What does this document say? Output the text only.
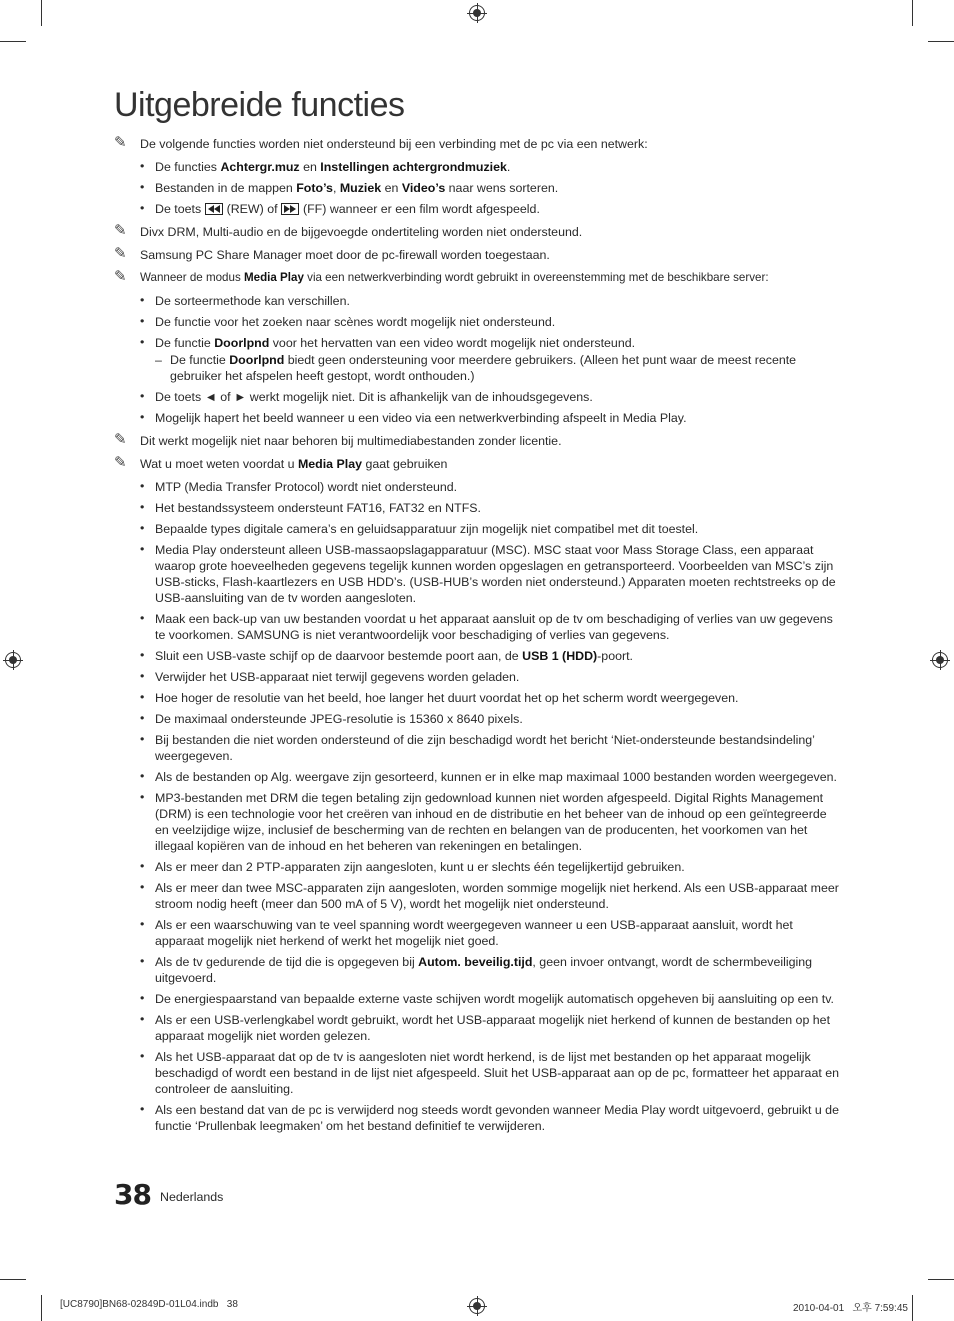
Uitgebreide functies
✎ De volgende functies worden niet ondersteund bij een verbinding met de pc via een netwerk:
• De functies Achtergr.muz en Instellingen achtergrondmuziek.
• Bestanden in de mappen Foto’s, Muziek en Video’s naar wens sorteren.
• De toets (REW) of (FF) wanneer er een film wordt afgespeeld.
✎ Divx DRM, Multi-audio en de bijgevoegde ondertiteling worden niet ondersteund.
✎ Samsung PC Share Manager moet door de pc-firewall worden toegestaan.
✎ Wanneer de modus Media Play via een netwerkverbinding wordt gebruikt in overeenstemming met de beschikbare server:
• De sorteermethode kan verschillen.
• De functie voor het zoeken naar scènes wordt mogelijk niet ondersteund.
• De functie Doorlpnd voor het hervatten van een video wordt mogelijk niet ondersteund.
– De functie Doorlpnd biedt geen ondersteuning voor meerdere gebruikers. (Alleen het punt waar de meest recente gebruiker het afspelen heeft gestopt, wordt onthouden.)
• De toets ◄ of ► werkt mogelijk niet. Dit is afhankelijk van de inhoudsgegevens.
• Mogelijk hapert het beeld wanneer u een video via een netwerkverbinding afspeelt in Media Play.
✎ Dit werkt mogelijk niet naar behoren bij multimediabestanden zonder licentie.
✎ Wat u moet weten voordat u Media Play gaat gebruiken
• MTP (Media Transfer Protocol) wordt niet ondersteund.
• Het bestandssysteem ondersteunt FAT16, FAT32 en NTFS.
• Bepaalde types digitale camera’s en geluidsapparatuur zijn mogelijk niet compatibel met dit toestel.
• Media Play ondersteunt alleen USB-massaopslagapparatuur (MSC). MSC staat voor Mass Storage Class, een apparaat waarop grote hoeveelheden gegevens tegelijk kunnen worden opgeslagen en getransporteerd. Voorbeelden van MSC’s zijn USB-sticks, Flash-kaartlezers en USB HDD’s. (USB-HUB’s worden niet ondersteund.) Apparaten moeten rechtstreeks op de USB-aansluiting van de tv worden aangesloten.
• Maak een back-up van uw bestanden voordat u het apparaat aansluit op de tv om beschadiging of verlies van uw gegevens te voorkomen. SAMSUNG is niet verantwoordelijk voor beschadiging of verlies van gegevens.
• Sluit een USB-vaste schijf op de daarvoor bestemde poort aan, de USB 1 (HDD)-poort.
• Verwijder het USB-apparaat niet terwijl gegevens worden geladen.
• Hoe hoger de resolutie van het beeld, hoe langer het duurt voordat het op het scherm wordt weergegeven.
• De maximaal ondersteunde JPEG-resolutie is 15360 x 8640 pixels.
• Bij bestanden die niet worden ondersteund of die zijn beschadigd wordt het bericht ‘Niet-ondersteunde bestandsindeling’ weergegeven.
• Als de bestanden op Alg. weergave zijn gesorteerd, kunnen er in elke map maximaal 1000 bestanden worden weergegeven.
• MP3-bestanden met DRM die tegen betaling zijn gedownload kunnen niet worden afgespeeld. Digital Rights Management (DRM) is een technologie voor het creëren van inhoud en de distributie en het beheer van de inhoud op een geïntegreerde en veelzijdige wijze, inclusief de bescherming van de rechten en belangen van de producenten, het voorkomen van het illegaal kopiëren van de inhoud en het beheren van rekeningen en betalingen.
• Als er meer dan 2 PTP-apparaten zijn aangesloten, kunt u er slechts één tegelijkertijd gebruiken.
• Als er meer dan twee MSC-apparaten zijn aangesloten, worden sommige mogelijk niet herkend. Als een USB-apparaat meer stroom nodig heeft (meer dan 500 mA of 5 V), wordt het mogelijk niet ondersteund.
• Als er een waarschuwing van te veel spanning wordt weergegeven wanneer u een USB-apparaat aansluit, wordt het apparaat mogelijk niet herkend of werkt het mogelijk niet goed.
• Als de tv gedurende de tijd die is opgegeven bij Autom. beveilig.tijd, geen invoer ontvangt, wordt de schermbeveiliging uitgevoerd.
• De energiespaarstand van bepaalde externe vaste schijven wordt mogelijk automatisch opgeheven bij aansluiting op een tv.
• Als er een USB-verlengkabel wordt gebruikt, wordt het USB-apparaat mogelijk niet herkend of kunnen de bestanden op het apparaat mogelijk niet worden gelezen.
• Als het USB-apparaat dat op de tv is aangesloten niet wordt herkend, is de lijst met bestanden op het apparaat mogelijk beschadigd of wordt een bestand in de lijst niet afgespeeld. Sluit het USB-apparaat aan op de pc, formatteer het apparaat en controleer de aansluiting.
• Als een bestand dat van de pc is verwijderd nog steeds wordt gevonden wanneer Media Play wordt uitgevoerd, gebruikt u de functie ‘Prullenbak leegmaken’ om het bestand definitief te verwijderen.
38 Nederlands
[UC8790]BN68-02849D-01L04.indb   38	2010-04-01   오후 7:59:45
